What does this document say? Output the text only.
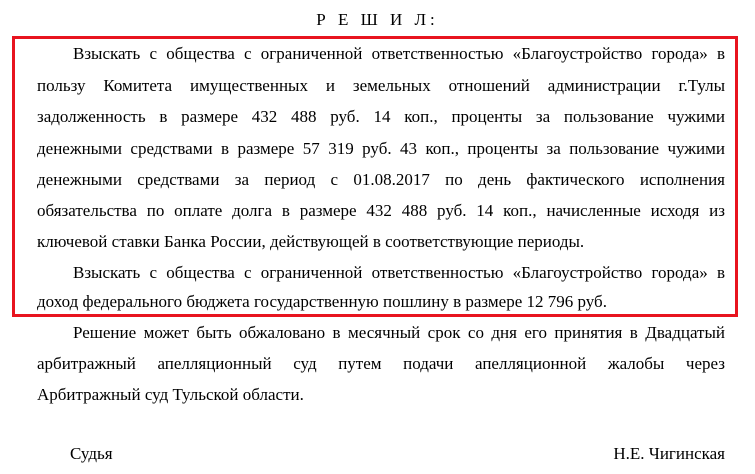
Р Е Ш И Л:
Взыскать с общества с ограниченной ответственностью «Благоустройство города» в
пользу Комитета имущественных и земельных отношений администрации г.Тулы
задолженность в размере 432 488 руб. 14 коп., проценты за пользование чужими
денежными средствами в размере 57 319 руб. 43 коп., проценты за пользование чужими
денежными средствами за период с 01.08.2017 по день фактического исполнения
обязательства по оплате долга в размере 432 488 руб. 14 коп., начисленные исходя из
ключевой ставки Банка России, действующей в соответствующие периоды.
Взыскать с общества с ограниченной ответственностью «Благоустройство города» в
доход федерального бюджета государственную пошлину в размере 12 796 руб.
Решение может быть обжаловано в месячный срок со дня его принятия в Двадцатый
арбитражный апелляционный суд путем подачи апелляционной жалобы через
Арбитражный суд Тульской области.
Судья	Н.Е. Чигинская
